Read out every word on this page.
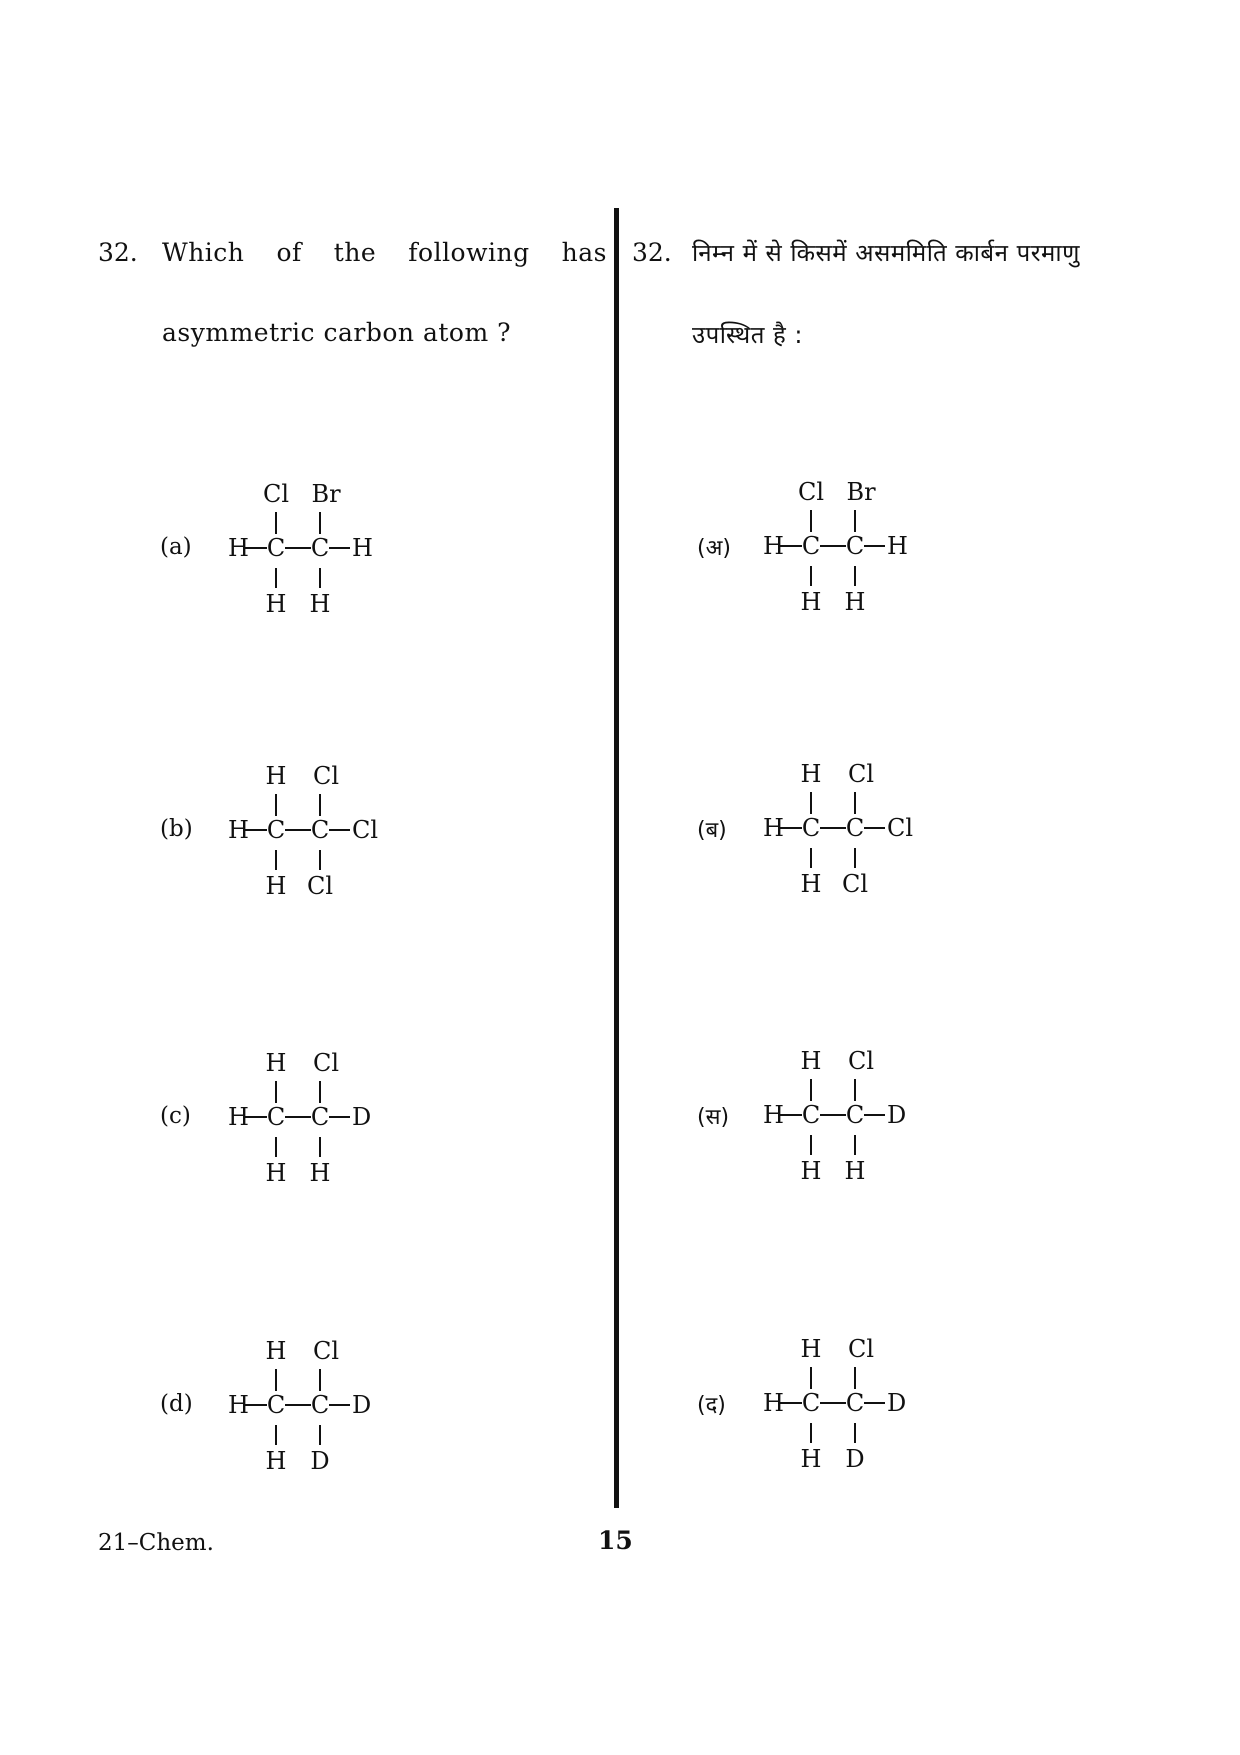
32. Which of the following has
asymmetric carbon atom ?
32. निम्न में से किसमें असममिति कार्बन परमाणु
उपस्थित है :
(a)
Cl Br
H C C H
H H
(b)
H Cl
H C C Cl
H Cl
(c)
H Cl
H C C D
H H
(d)
H Cl
H C C D
H D
(अ)
Cl Br
H C C H
H H
(ब)
H Cl
H C C Cl
H Cl
(स)
H Cl
H C C D
H H
(द)
H Cl
H C C D
H D
21–Chem.	15
